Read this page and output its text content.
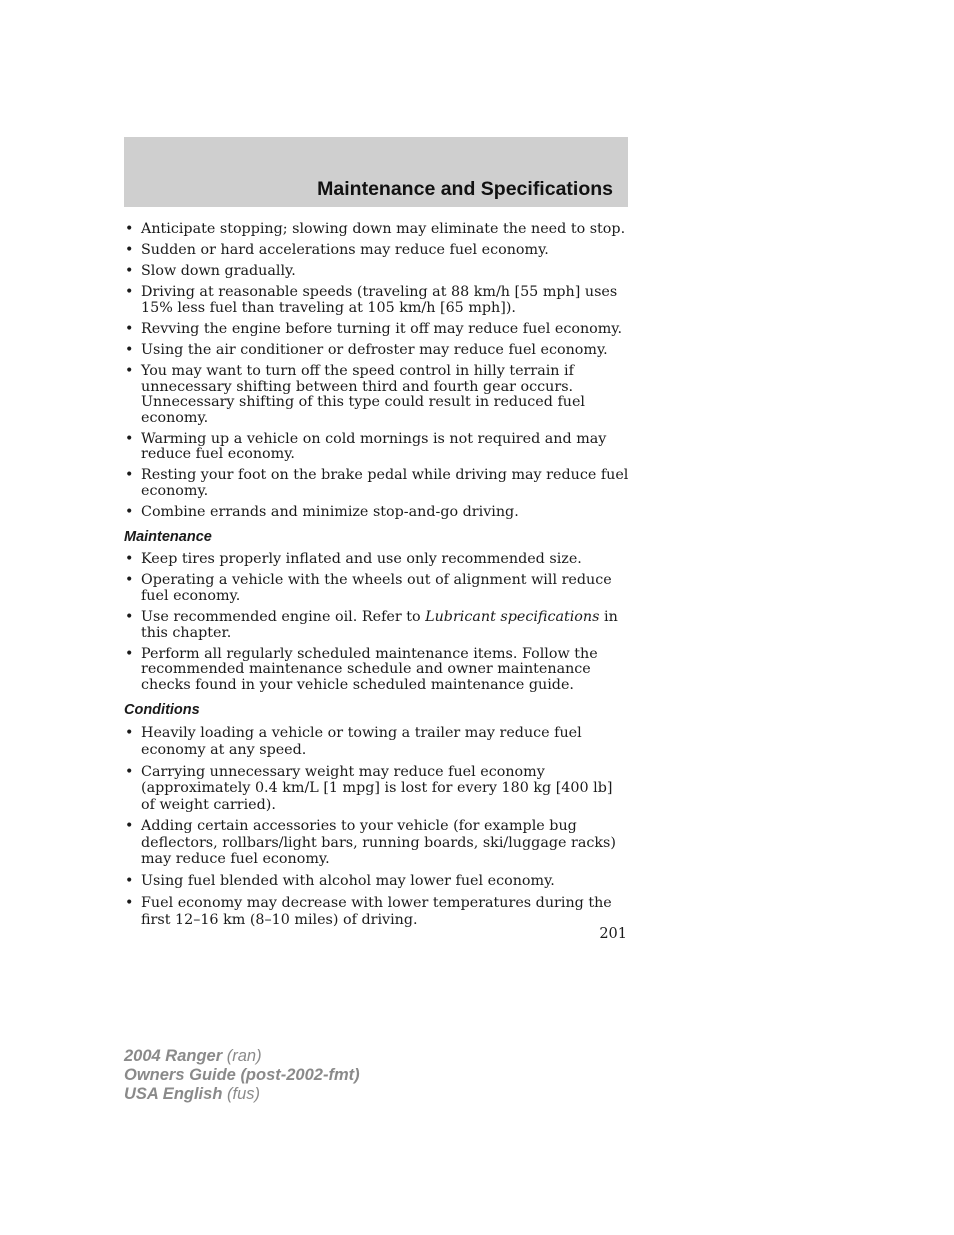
Maintenance and Specifications
• Anticipate stopping; slowing down may eliminate the need to stop.
• Sudden or hard accelerations may reduce fuel economy.
• Slow down gradually.
• Driving at reasonable speeds (traveling at 88 km/h [55 mph] uses 15% less fuel than traveling at 105 km/h [65 mph]).
• Revving the engine before turning it off may reduce fuel economy.
• Using the air conditioner or defroster may reduce fuel economy.
• You may want to turn off the speed control in hilly terrain if unnecessary shifting between third and fourth gear occurs. Unnecessary shifting of this type could result in reduced fuel economy.
• Warming up a vehicle on cold mornings is not required and may reduce fuel economy.
• Resting your foot on the brake pedal while driving may reduce fuel economy.
• Combine errands and minimize stop-and-go driving.
Maintenance
• Keep tires properly inflated and use only recommended size.
• Operating a vehicle with the wheels out of alignment will reduce fuel economy.
• Use recommended engine oil. Refer to Lubricant specifications in this chapter.
• Perform all regularly scheduled maintenance items. Follow the recommended maintenance schedule and owner maintenance checks found in your vehicle scheduled maintenance guide.
Conditions
• Heavily loading a vehicle or towing a trailer may reduce fuel economy at any speed.
• Carrying unnecessary weight may reduce fuel economy (approximately 0.4 km/L [1 mpg] is lost for every 180 kg [400 lb] of weight carried).
• Adding certain accessories to your vehicle (for example bug deflectors, rollbars/light bars, running boards, ski/luggage racks) may reduce fuel economy.
• Using fuel blended with alcohol may lower fuel economy.
• Fuel economy may decrease with lower temperatures during the first 12–16 km (8–10 miles) of driving.
201
2004 Ranger (ran)
Owners Guide (post-2002-fmt)
USA English (fus)
